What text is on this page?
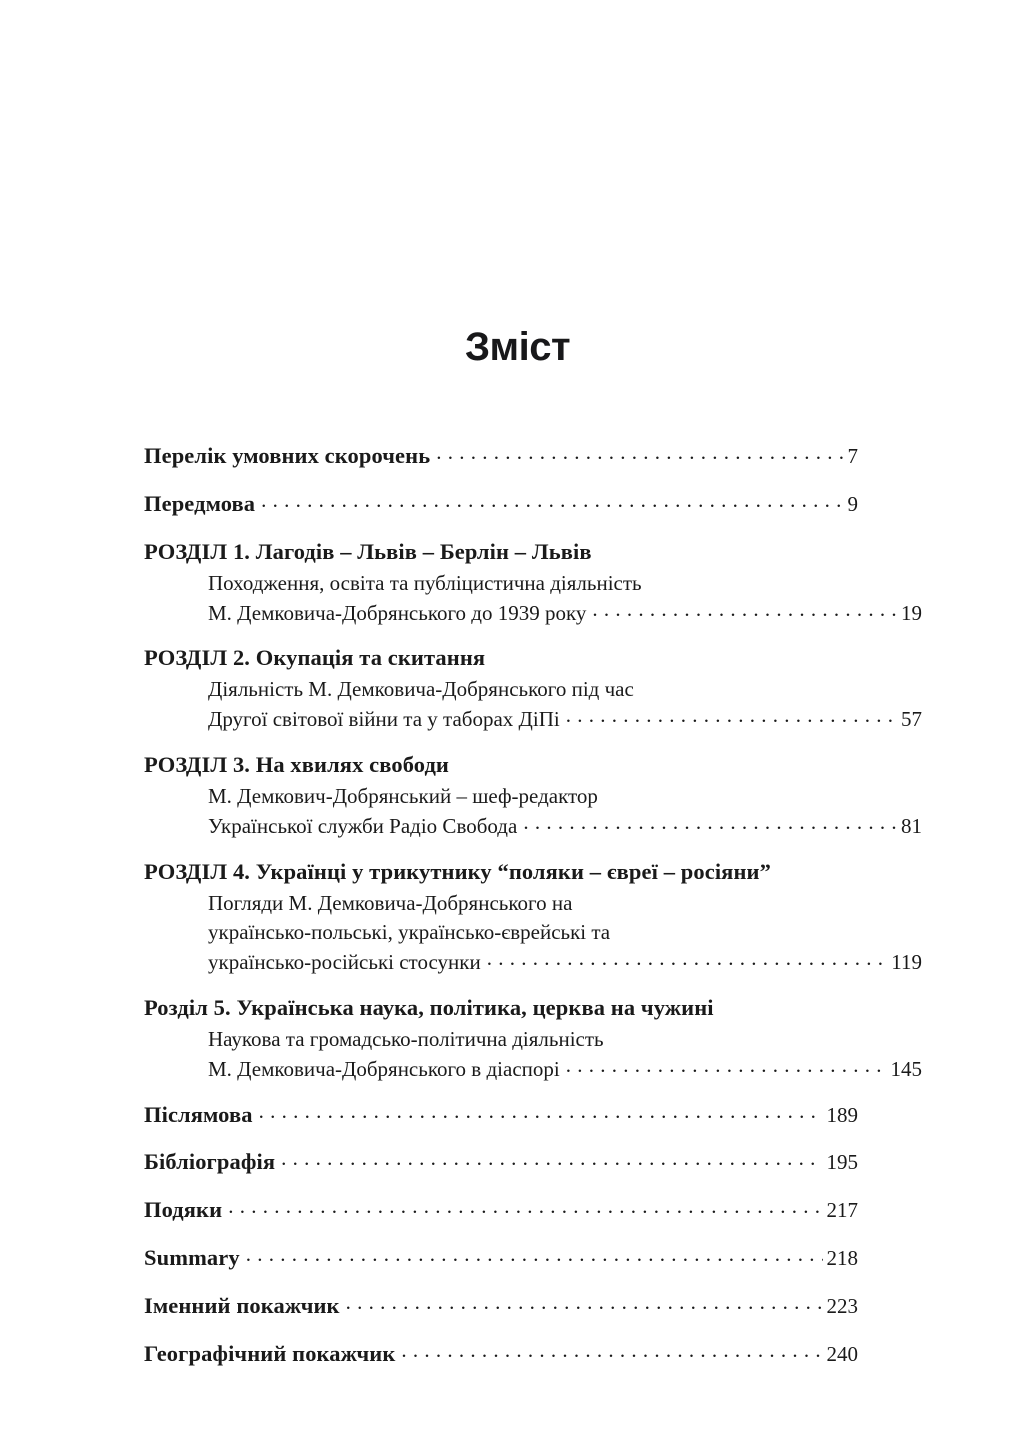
Зміст
Перелік умовних скорочень . . .	7
Передмова . . .	9
РОЗДІЛ 1. Лагодів – Львів – Берлін – Львів
Походження, освіта та публіцистична діяльність
М. Демковича-Добрянського до 1939 року . . .	19
РОЗДІЛ 2. Окупація та скитання
Діяльність М. Демковича-Добрянського під час
Другої світової війни та у таборах ДіПі . . .	57
РОЗДІЛ 3. На хвилях свободи
М. Демкович-Добрянський – шеф-редактор
Української служби Радіо Свобода . . .	81
РОЗДІЛ 4. Українці у трикутнику “поляки – євреї – росіяни”
Погляди М. Демковича-Добрянського на
українсько-польські, українсько-єврейські та
українсько-російські стосунки . . .	119
Розділ 5. Українська наука, політика, церква на чужині
Наукова та громадсько-політична діяльність
М. Демковича-Добрянського в діаспорі . . .	145
Післямова . . .	189
Бібліографія . . .	195
Подяки . . .	217
Summary . . .	218
Іменний покажчик . . .	223
Географічний покажчик . . .	240
